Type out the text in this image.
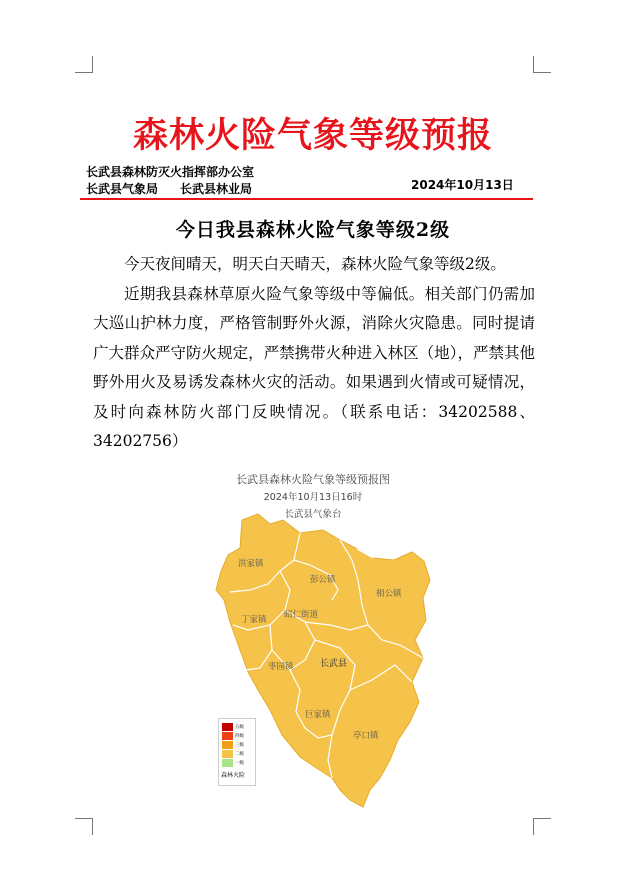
森林火险气象等级预报
长武县森林防灭火指挥部办公室
长武县气象局 长武县林业局	2024年10月13日
今日我县森林火险气象等级2级

今天夜间晴天，明天白天晴天，森林火险气象等级2级。

近期我县森林草原火险气象等级中等偏低。相关部门仍需加大巡山护林力度，严格管制野外火源，消除火灾隐患。同时提请广大群众严守防火规定，严禁携带火种进入林区（地），严禁其他野外用火及易诱发森林火灾的活动。如果遇到火情或可疑情况，及时向森林防火部门反映情况。（联系电话：34202588、34202756）

长武县森林火险气象等级预报图
2024年10月13日16时
长武县气象台
洪家镇
彭公镇
相公镇
昭仁街道
丁家镇
枣园镇	长武县
巨家镇
亭口镇
五级
四级
三级
二级
一级
森林火险
